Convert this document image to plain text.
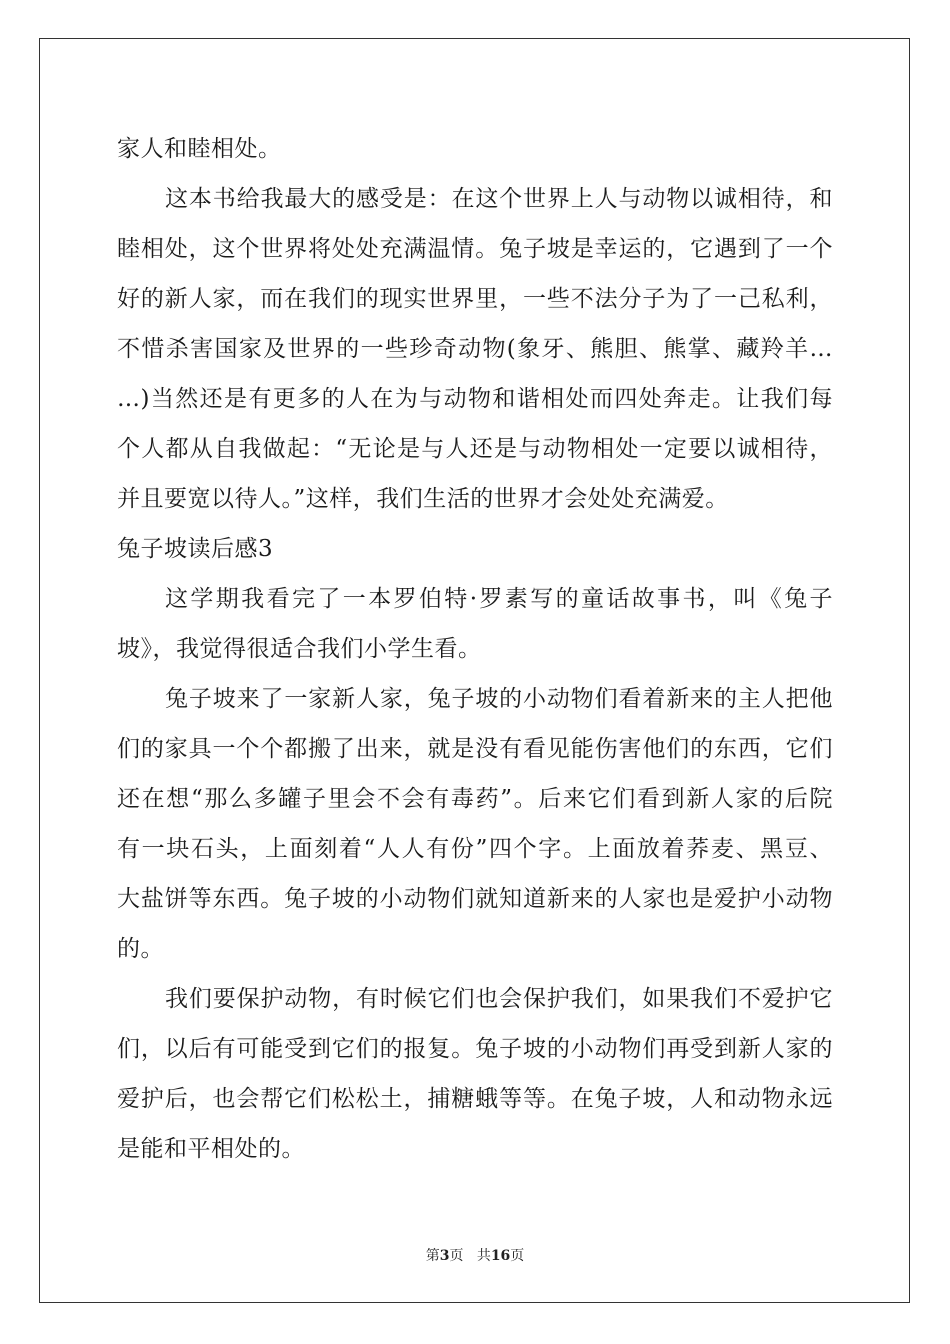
家人和睦相处。
这本书给我最大的感受是：在这个世界上人与动物以诚相待，和
睦相处，这个世界将处处充满温情。兔子坡是幸运的，它遇到了一个
好的新人家，而在我们的现实世界里，一些不法分子为了一己私利，
不惜杀害国家及世界的一些珍奇动物(象牙、熊胆、熊掌、藏羚羊…
…)当然还是有更多的人在为与动物和谐相处而四处奔走。让我们每
个人都从自我做起：“无论是与人还是与动物相处一定要以诚相待，
并且要宽以待人。”这样，我们生活的世界才会处处充满爱。
兔子坡读后感3
这学期我看完了一本罗伯特·罗素写的童话故事书，叫《兔子
坡》，我觉得很适合我们小学生看。
兔子坡来了一家新人家，兔子坡的小动物们看着新来的主人把他
们的家具一个个都搬了出来，就是没有看见能伤害他们的东西，它们
还在想“那么多罐子里会不会有毒药”。后来它们看到新人家的后院
有一块石头，上面刻着“人人有份”四个字。上面放着荞麦、黑豆、
大盐饼等东西。兔子坡的小动物们就知道新来的人家也是爱护小动物
的。
我们要保护动物，有时候它们也会保护我们，如果我们不爱护它
们，以后有可能受到它们的报复。兔子坡的小动物们再受到新人家的
爱护后，也会帮它们松松土，捕糖蛾等等。在兔子坡，人和动物永远
是能和平相处的。
第3页 共16页
